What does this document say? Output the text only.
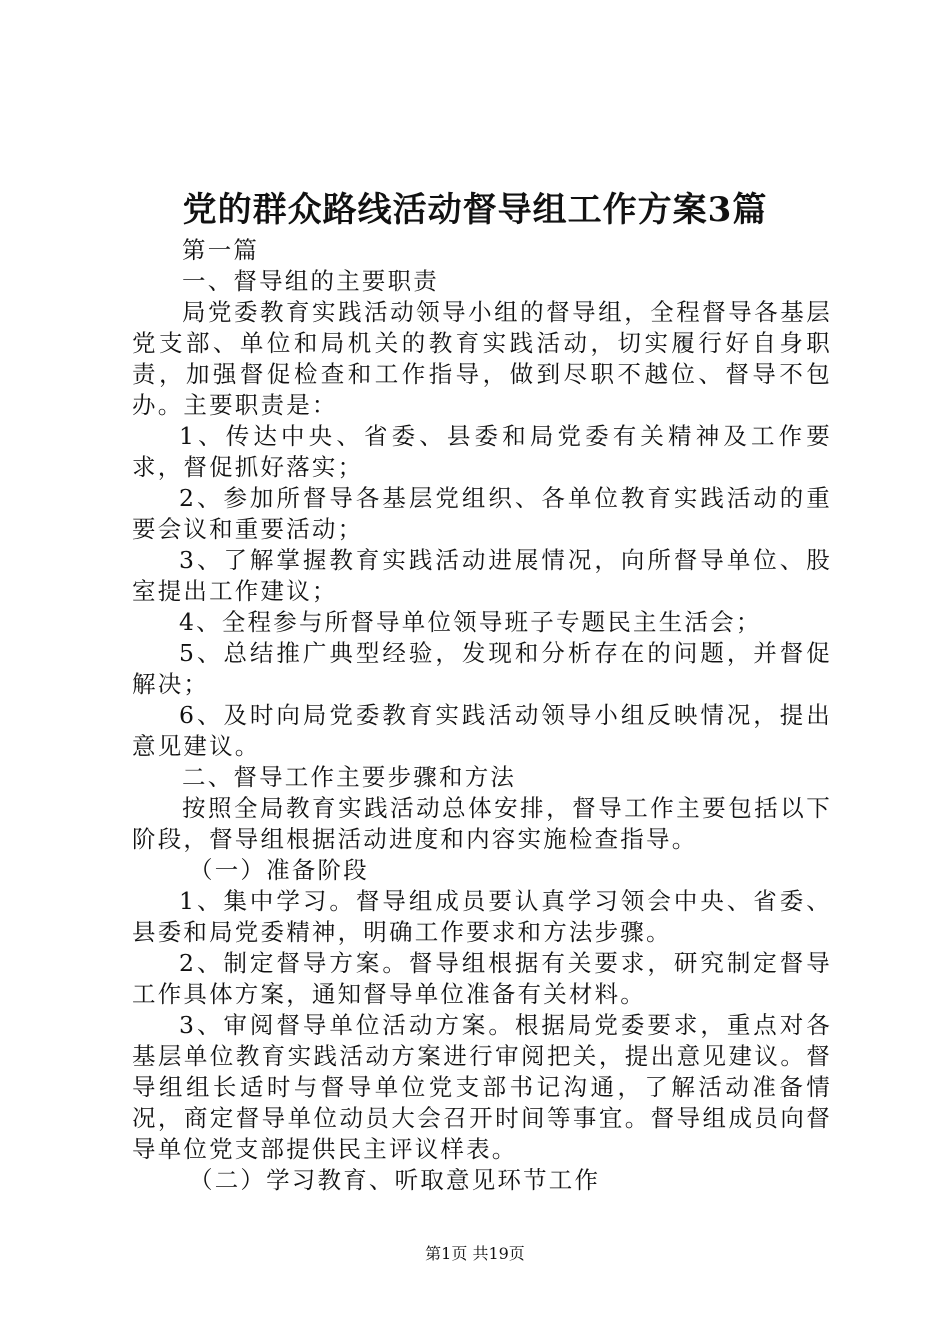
党的群众路线活动督导组工作方案3篇

第一篇

一、督导组的主要职责

局党委教育实践活动领导小组的督导组，全程督导各基层党支部、单位和局机关的教育实践活动，切实履行好自身职责，加强督促检查和工作指导，做到尽职不越位、督导不包办。主要职责是：

1、传达中央、省委、县委和局党委有关精神及工作要求，督促抓好落实；

2、参加所督导各基层党组织、各单位教育实践活动的重要会议和重要活动；

3、了解掌握教育实践活动进展情况，向所督导单位、股室提出工作建议；

4、全程参与所督导单位领导班子专题民主生活会；

5、总结推广典型经验，发现和分析存在的问题，并督促解决；

6、及时向局党委教育实践活动领导小组反映情况，提出意见建议。

二、督导工作主要步骤和方法

按照全局教育实践活动总体安排，督导工作主要包括以下阶段，督导组根据活动进度和内容实施检查指导。

（一）准备阶段

1、集中学习。督导组成员要认真学习领会中央、省委、县委和局党委精神，明确工作要求和方法步骤。

2、制定督导方案。督导组根据有关要求，研究制定督导工作具体方案，通知督导单位准备有关材料。

3、审阅督导单位活动方案。根据局党委要求，重点对各基层单位教育实践活动方案进行审阅把关，提出意见建议。督导组组长适时与督导单位党支部书记沟通，了解活动准备情况，商定督导单位动员大会召开时间等事宜。督导组成员向督导单位党支部提供民主评议样表。

（二）学习教育、听取意见环节工作

第1页 共19页
